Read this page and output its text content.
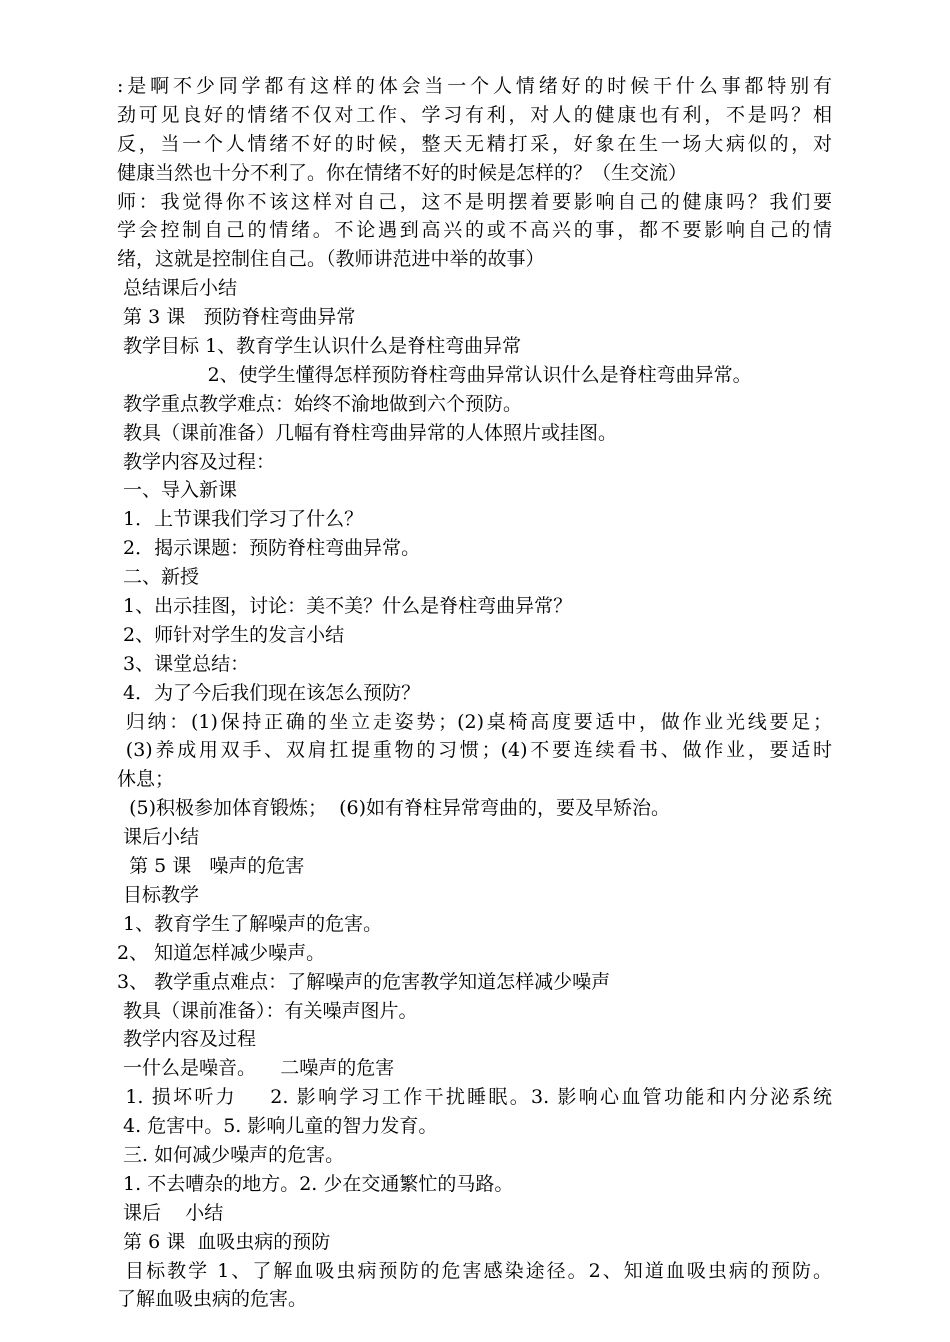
:是啊不少同学都有这样的体会当一个人情绪好的时候干什么事都特别有
劲可见良好的情绪不仅对工作、学习有利，对人的健康也有利，不是吗？相
反，当一个人情绪不好的时候，整天无精打采，好象在生一场大病似的，对
健康当然也十分不利了。你在情绪不好的时候是怎样的？（生交流）
师：我觉得你不该这样对自己，这不是明摆着要影响自己的健康吗？我们要
学会控制自己的情绪。不论遇到高兴的或不高兴的事，都不要影响自己的情
绪，这就是控制住自己。（教师讲范进中举的故事）
总结课后小结
第 3 课   预防脊柱弯曲异常
教学目标 1、教育学生认识什么是脊柱弯曲异常
2、使学生懂得怎样预防脊柱弯曲异常认识什么是脊柱弯曲异常。
教学重点教学难点：始终不渝地做到六个预防。
教具（课前准备）几幅有脊柱弯曲异常的人体照片或挂图。
教学内容及过程：
一、导入新课
1．上节课我们学习了什么？
2．揭示课题：预防脊柱弯曲异常。
二、新授
1、出示挂图，讨论：美不美？什么是脊柱弯曲异常？
2、师针对学生的发言小结
3、课堂总结：
4．为了今后我们现在该怎么预防？
归纳：(1)保持正确的坐立走姿势；(2)桌椅高度要适中，做作业光线要足；
(3)养成用双手、双肩扛提重物的习惯；(4)不要连续看书、做作业，要适时
休息；
(5)积极参加体育锻炼；  (6)如有脊柱异常弯曲的，要及早矫治。
课后小结
第 5 课   噪声的危害
目标教学
1、教育学生了解噪声的危害。
2、 知道怎样减少噪声。
3、 教学重点难点：了解噪声的危害教学知道怎样减少噪声
教具（课前准备）：有关噪声图片。
教学内容及过程
一什么是噪音。    二噪声的危害
1. 损坏听力    2. 影响学习工作干扰睡眠。3. 影响心血管功能和内分泌系统
4. 危害中。5. 影响儿童的智力发育。
三. 如何减少噪声的危害。
1. 不去嘈杂的地方。2. 少在交通繁忙的马路。
课后    小结
第 6 课  血吸虫病的预防
目标教学 1、了解血吸虫病预防的危害感染途径。2、知道血吸虫病的预防。
了解血吸虫病的危害。
